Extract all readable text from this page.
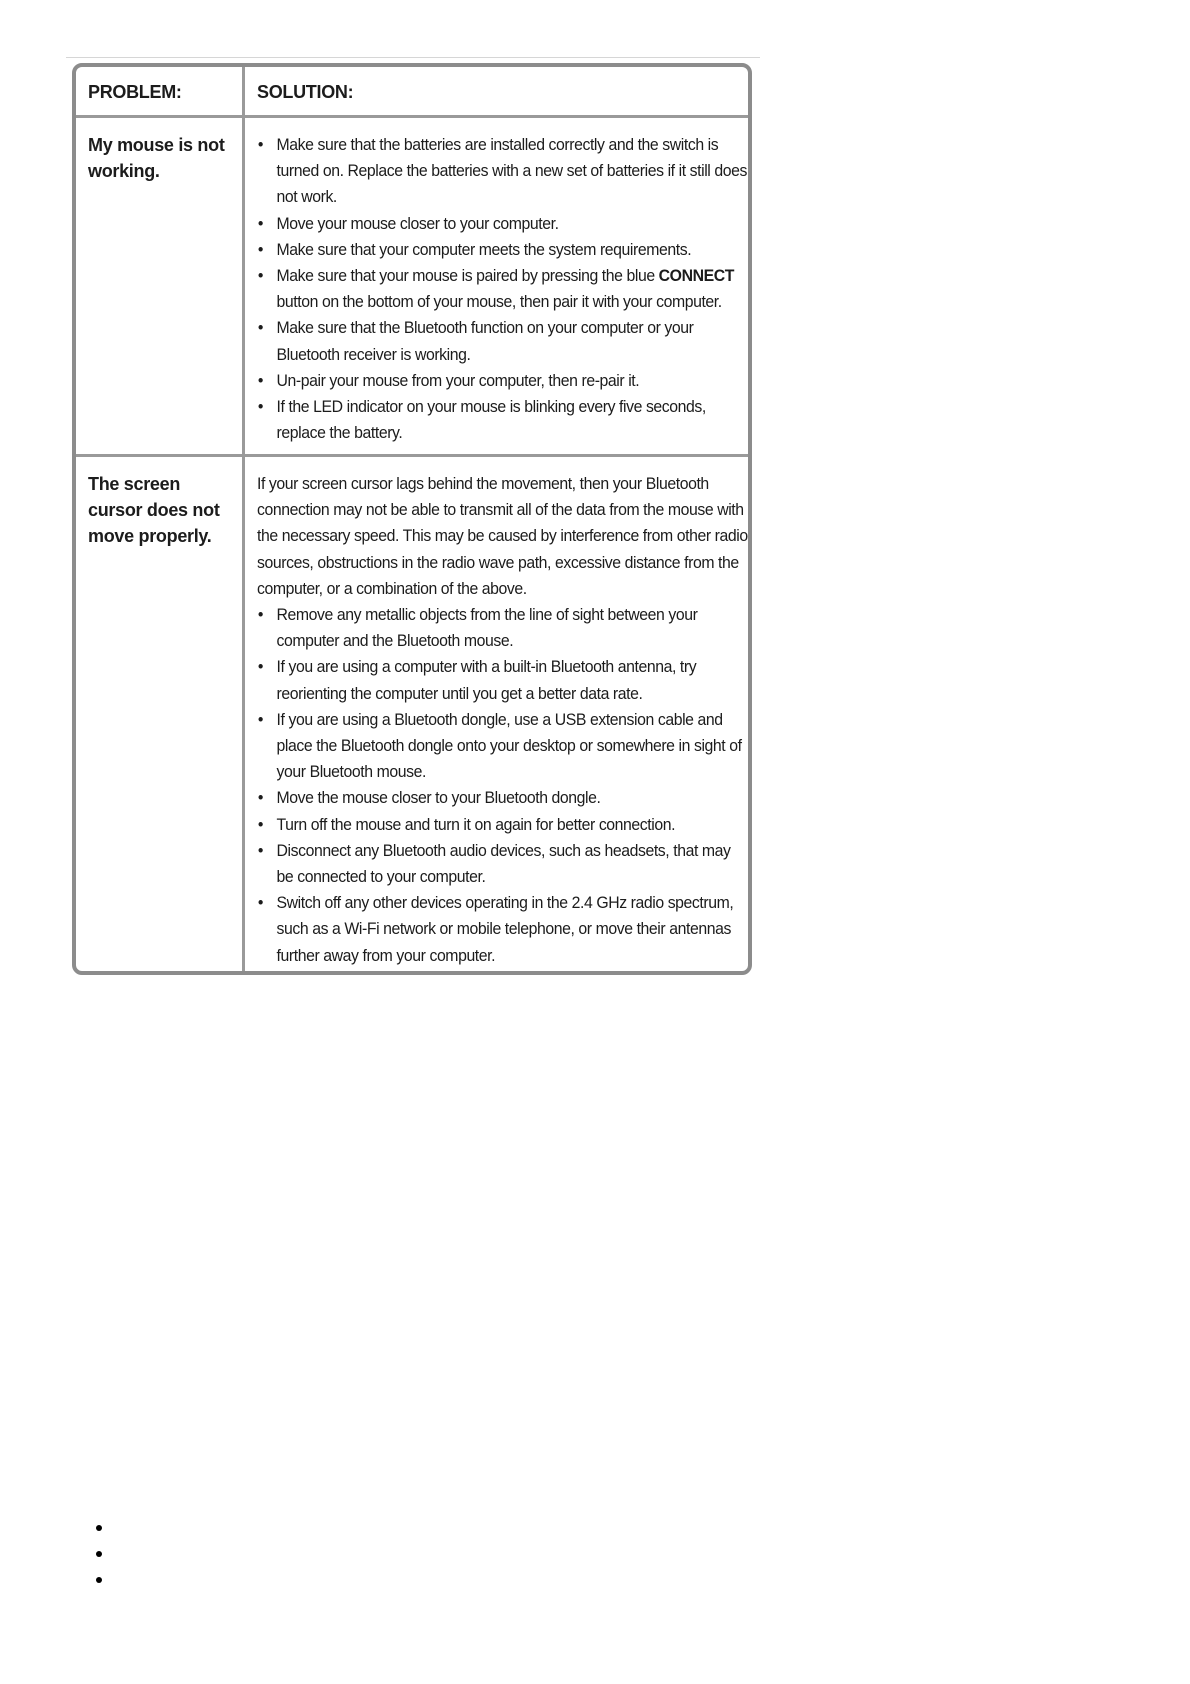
PROBLEM:	SOLUTION:
My mouse is not working.
• Make sure that the batteries are installed correctly and the switch is turned on. Replace the batteries with a new set of batteries if it still does not work.
• Move your mouse closer to your computer.
• Make sure that your computer meets the system requirements.
• Make sure that your mouse is paired by pressing the blue CONNECT button on the bottom of your mouse, then pair it with your computer.
• Make sure that the Bluetooth function on your computer or your Bluetooth receiver is working.
• Un-pair your mouse from your computer, then re-pair it.
• If the LED indicator on your mouse is blinking every five seconds, replace the battery.
The screen cursor does not move properly.
If your screen cursor lags behind the movement, then your Bluetooth connection may not be able to transmit all of the data from the mouse with the necessary speed. This may be caused by interference from other radio sources, obstructions in the radio wave path, excessive distance from the computer, or a combination of the above.
• Remove any metallic objects from the line of sight between your computer and the Bluetooth mouse.
• If you are using a computer with a built-in Bluetooth antenna, try reorienting the computer until you get a better data rate.
• If you are using a Bluetooth dongle, use a USB extension cable and place the Bluetooth dongle onto your desktop or somewhere in sight of your Bluetooth mouse.
• Move the mouse closer to your Bluetooth dongle.
• Turn off the mouse and turn it on again for better connection.
• Disconnect any Bluetooth audio devices, such as headsets, that may be connected to your computer.
• Switch off any other devices operating in the 2.4 GHz radio spectrum, such as a Wi-Fi network or mobile telephone, or move their antennas further away from your computer.
